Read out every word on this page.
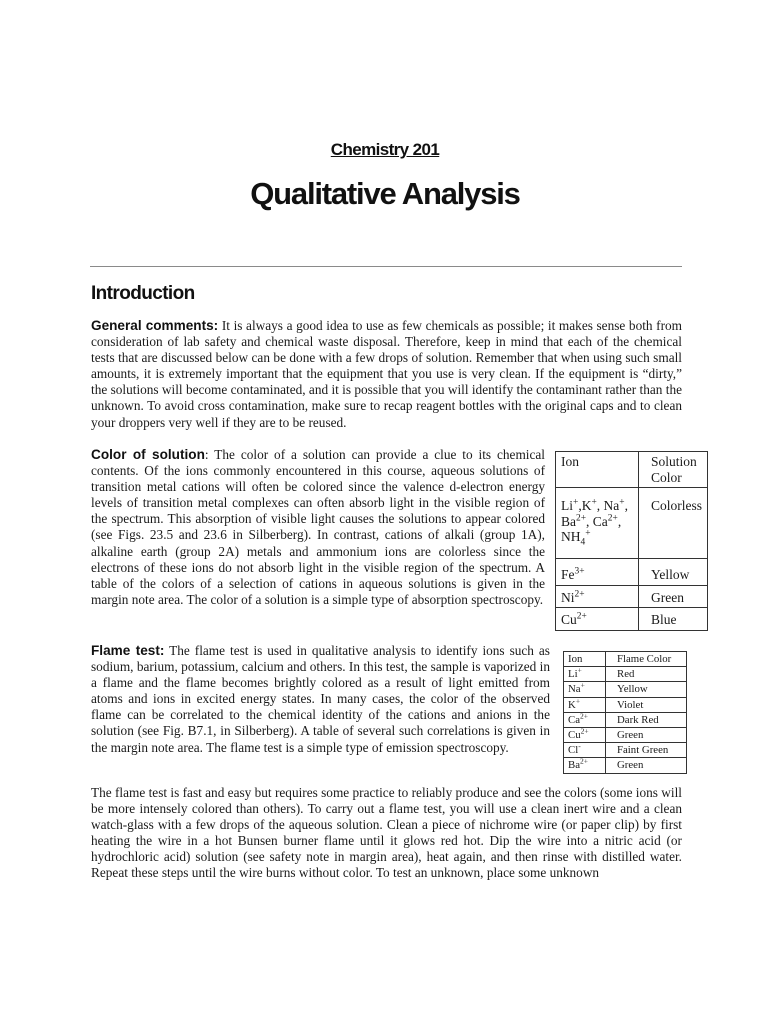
Chemistry 201
Qualitative Analysis
Introduction
General comments: It is always a good idea to use as few chemicals as possible; it makes sense both from consideration of lab safety and chemical waste disposal. Therefore, keep in mind that each of the chemical tests that are discussed below can be done with a few drops of solution. Remember that when using such small amounts, it is extremely important that the equipment that you use is very clean. If the equipment is “dirty,” the solutions will become contaminated, and it is possible that you will identify the contaminant rather than the unknown. To avoid cross contamination, make sure to recap reagent bottles with the original caps and to clean your droppers very well if they are to be reused.
Color of solution: The color of a solution can provide a clue to its chemical contents. Of the ions commonly encountered in this course, aqueous solutions of transition metal cations will often be colored since the valence d-electron energy levels of transition metal complexes can often absorb light in the visible region of the spectrum. This absorption of visible light causes the solutions to appear colored (see Figs. 23.5 and 23.6 in Silberberg). In contrast, cations of alkali (group 1A), alkaline earth (group 2A) metals and ammonium ions are colorless since the electrons of these ions do not absorb light in the visible region of the spectrum. A table of the colors of a selection of cations in aqueous solutions is given in the margin note area. The color of a solution is a simple type of absorption spectroscopy.
Ion	Solution
Color
Li+,K+, Na+,
$Ba^{2+}$, $Ca^{2+}$,
$NH_4^+$	Colorless
$Fe^{3+}$	Yellow
$Ni^{2+}$	Green
$Cu^{2+}$	Blue
Flame test: The flame test is used in qualitative analysis to identify ions such as sodium, barium, potassium, calcium and others. In this test, the sample is vaporized in a flame and the flame becomes brightly colored as a result of light emitted from atoms and ions in excited energy states. In many cases, the color of the observed flame can be correlated to the chemical identity of the cations and anions in the solution (see Fig. B7.1, in Silberberg). A table of several such correlations is given in the margin note area. The flame test is a simple type of emission spectroscopy.
Ion	Flame Color
Li+	Red
Na+	Yellow
K+	Violet
$Ca^{2+}$	Dark Red
$Cu^{2+}$	Green
Cl-	Faint Green
$Ba^{2+}$	Green
The flame test is fast and easy but requires some practice to reliably produce and see the colors (some ions will be more intensely colored than others). To carry out a flame test, you will use a clean inert wire and a clean watch-glass with a few drops of the aqueous solution. Clean a piece of nichrome wire (or paper clip) by first heating the wire in a hot Bunsen burner flame until it glows red hot. Dip the wire into a nitric acid (or hydrochloric acid) solution (see safety note in margin area), heat again, and then rinse with distilled water. Repeat these steps until the wire burns without color. To test an unknown, place some unknown
